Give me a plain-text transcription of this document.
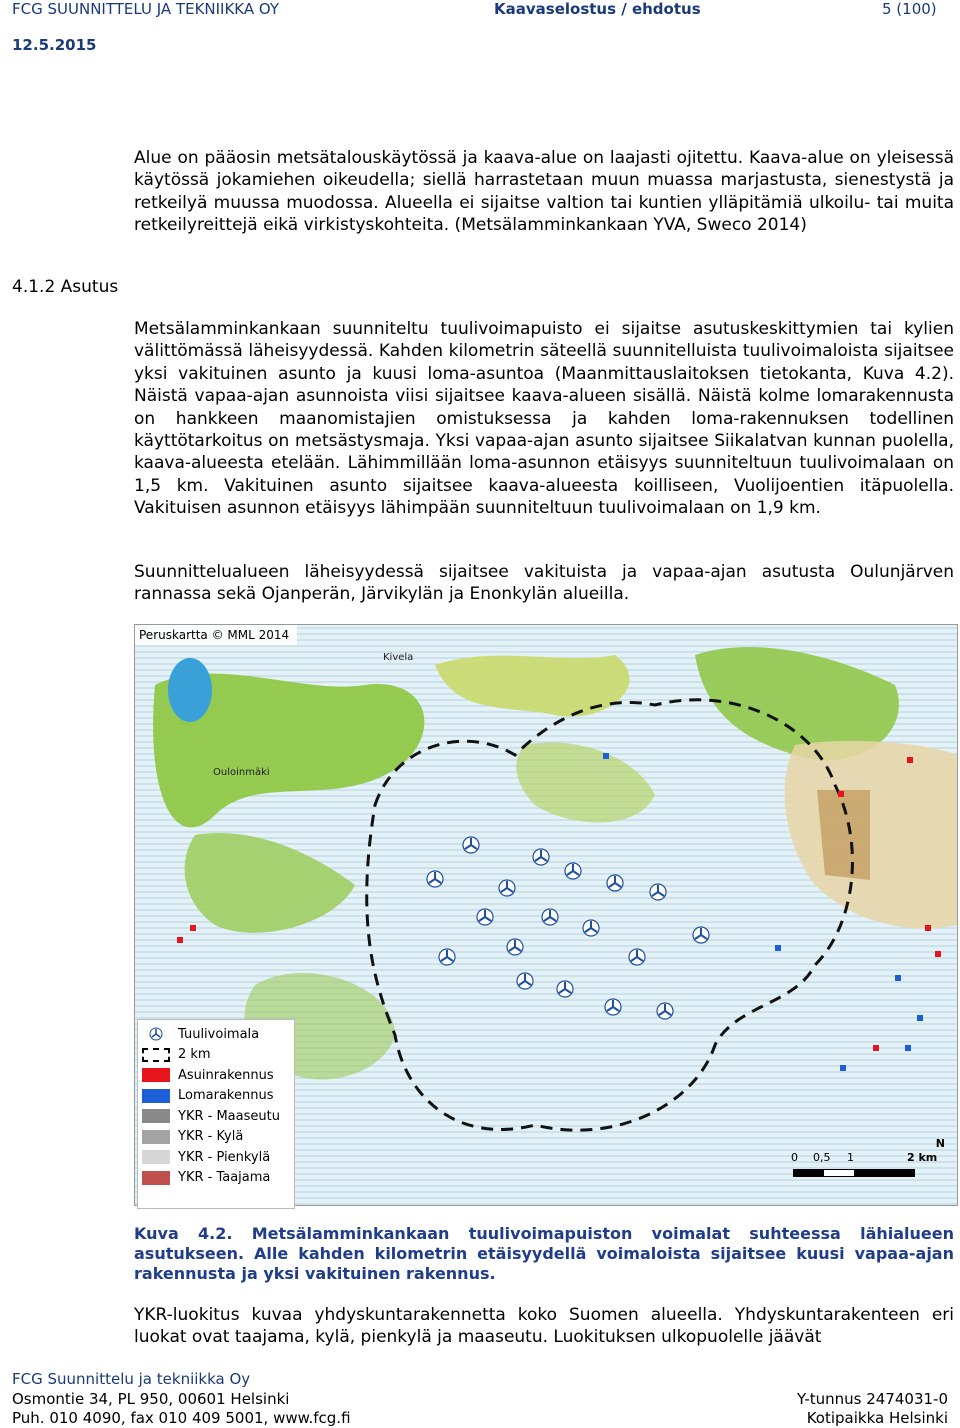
FCG SUUNNITTELU JA TEKNIIKKA OY	Kaavaselostus / ehdotus	5 (100)
12.5.2015
4.1.2 Asutus
Alue on pääosin metsätalouskäytössä ja kaava-alue on laajasti ojitettu. Kaava-alue on yleisessä käytössä jokamiehen oikeudella; siellä harrastetaan muun muassa marjastusta, sienestystä ja retkeilyä muussa muodossa. Alueella ei sijaitse valtion tai kuntien ylläpitämiä ulkoilu- tai muita retkeilyreittejä eikä virkistyskohteita. (Metsälamminkankaan YVA, Sweco 2014)
Metsälamminkankaan suunniteltu tuulivoimapuisto ei sijaitse asutuskeskittymien tai kylien välittömässä läheisyydessä. Kahden kilometrin säteellä suunnitelluista tuulivoimaloista sijaitsee yksi vakituinen asunto ja kuusi loma-asuntoa (Maanmittauslaitoksen tietokanta, Kuva 4.2). Näistä vapaa-ajan asunnoista viisi sijaitsee kaava-alueen sisällä. Näistä kolme lomarakennusta on hankkeen maanomistajien omistuksessa ja kahden loma-rakennuksen todellinen käyttötarkoitus on metsästysmaja. Yksi vapaa-ajan asunto sijaitsee Siikalatvan kunnan puolella, kaava-alueesta etelään. Lähimmillään loma-asunnon etäisyys suunniteltuun tuulivoimalaan on 1,5 km. Vakituinen asunto sijaitsee kaava-alueesta koilliseen, Vuolijoentien itäpuolella. Vakituisen asunnon etäisyys lähimpään suunniteltuun tuulivoimalaan on 1,9 km.
Suunnittelualueen läheisyydessä sijaitsee vakituista ja vapaa-ajan asutusta Oulunjärven rannassa sekä Ojanperän, Järvikylän ja Enonkylän alueilla.
Peruskartta © MML 2014
Kivela
Ouloinmäki
Tuulivoimala
2 km
Asuinrakennus
Lomarakennus
YKR - Maaseutu
YKR - Kylä
YKR - Pienkylä
YKR - Taajama
N
0	0,5 1	2 km
Kuva 4.2. Metsälamminkankaan tuulivoimapuiston voimalat suhteessa lähialueen asutukseen. Alle kahden kilometrin etäisyydellä voimaloista sijaitsee kuusi vapaa-ajan rakennusta ja yksi vakituinen rakennus.
YKR-luokitus kuvaa yhdyskuntarakennetta koko Suomen alueella. Yhdyskuntarakenteen eri luokat ovat taajama, kylä, pienkylä ja maaseutu. Luokituksen ulkopuolelle jäävät
FCG Suunnittelu ja tekniikka Oy
Osmontie 34, PL 950, 00601 Helsinki
Puh. 010 4090, fax 010 409 5001, www.fcg.fi
Y-tunnus 2474031-0
Kotipaikka Helsinki
